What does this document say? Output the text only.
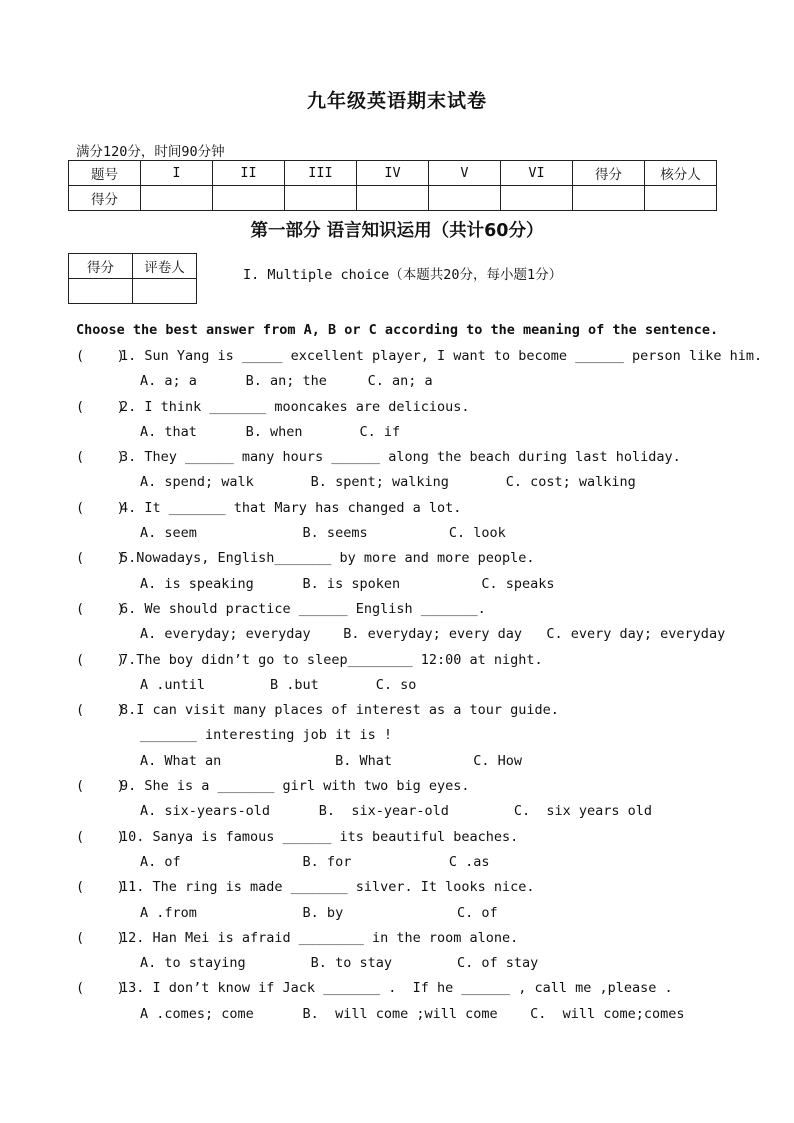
九年级英语期末试卷
满分120分，时间90分钟
题号	I	II	III	IV	V	VI	得分	核分人
得分								
第一部分 语言知识运用（共计60分）
得分	评卷人
		I. Multiple choice（本题共20分，每小题1分）
Choose the best answer from A, B or C according to the meaning of the sentence.

(    )

1. Sun Yang is _____ excellent player, I want to become ______ person like him.

A. a; a      B. an; the     C. an; a

(    )

2. I think _______ mooncakes are delicious.

A. that      B. when       C. if

(    )

3. They ______ many hours ______ along the beach during last holiday.

A. spend; walk       B. spent; walking       C. cost; walking

(    )

4. It _______ that Mary has changed a lot.

A. seem             B. seems          C. look

(    )

5.Nowadays, English_______ by more and more people.

A. is speaking      B. is spoken          C. speaks

(    )

6. We should practice ______ English _______.

A. everyday; everyday    B. everyday; every day   C. every day; everyday

(    )

7.The boy didn’t go to sleep________ 12:00 at night.

A .until        B .but       C. so

(    )

8.I can visit many places of interest as a tour guide.

_______ interesting job it is !

A. What an              B. What          C. How

(    )

9. She is a _______ girl with two big eyes.

A. six-years-old      B.  six-year-old        C.  six years old

(    )

10. Sanya is famous ______ its beautiful beaches.

A. of               B. for            C .as

(    )

11. The ring is made _______ silver. It looks nice.

A .from             B. by              C. of

(    )

12. Han Mei is afraid ________ in the room alone.

A. to staying        B. to stay        C. of stay

(    )

13. I don’t know if Jack _______ .  If he ______ , call me ,please .

A .comes; come      B.  will come ;will come    C.  will come;comes
